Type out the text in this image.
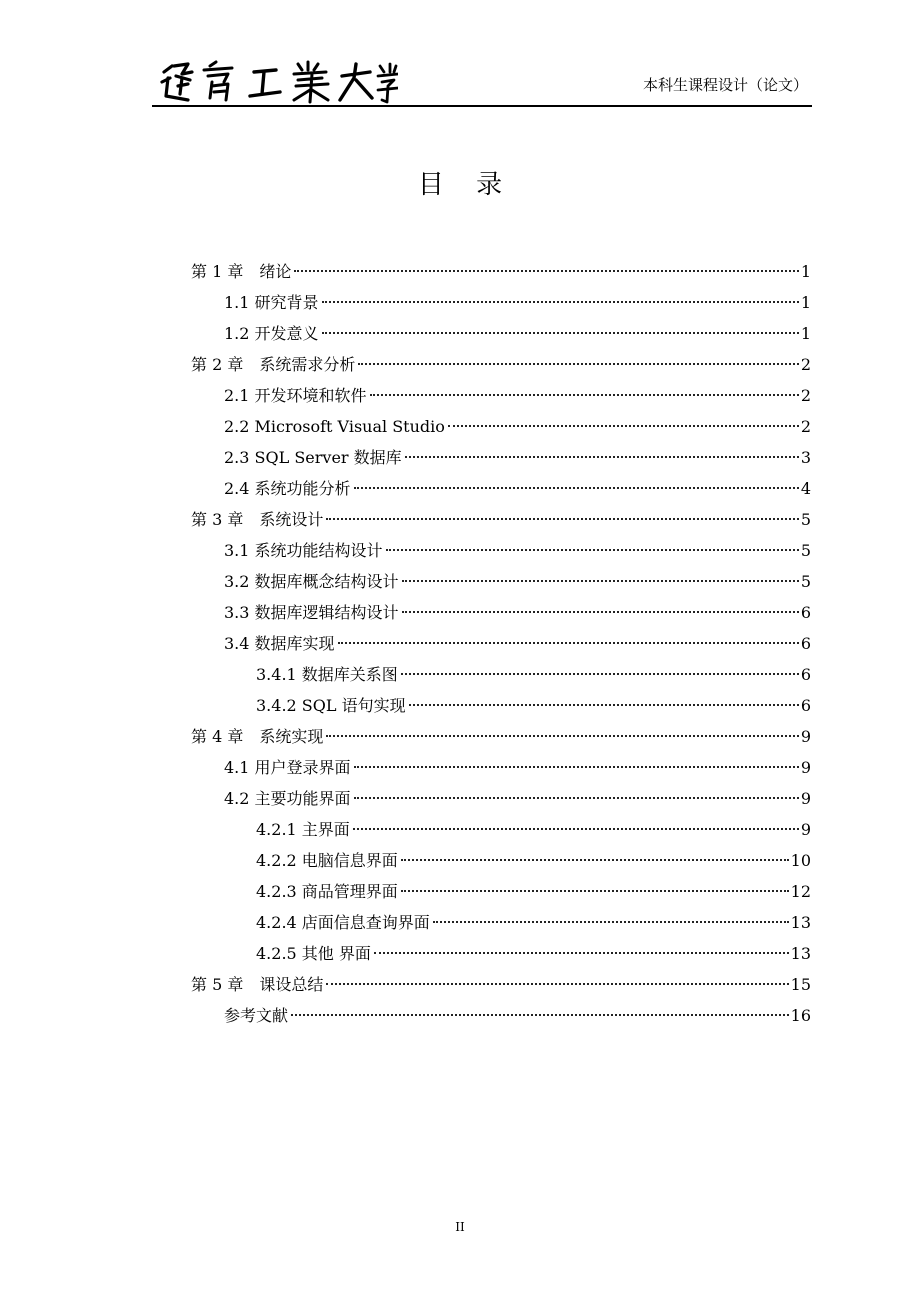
遼寧工業大學
本科生课程设计（论文）
目 录
第 1 章　绪论	1
1.1 研究背景	1
1.2 开发意义	1
第 2 章　系统需求分析	2
2.1 开发环境和软件	2
2.2 Microsoft Visual Studio	2
2.3 SQL Server 数据库	3
2.4 系统功能分析	4
第 3 章　系统设计	5
3.1 系统功能结构设计	5
3.2 数据库概念结构设计	5
3.3 数据库逻辑结构设计	6
3.4 数据库实现	6
3.4.1 数据库关系图	6
3.4.2 SQL 语句实现	6
第 4 章　系统实现	9
4.1 用户登录界面	9
4.2 主要功能界面	9
4.2.1 主界面	9
4.2.2 电脑信息界面	10
4.2.3 商品管理界面	12
4.2.4 店面信息查询界面	13
4.2.5 其他 界面	13
第 5 章　课设总结	15
参考文献	16
II
